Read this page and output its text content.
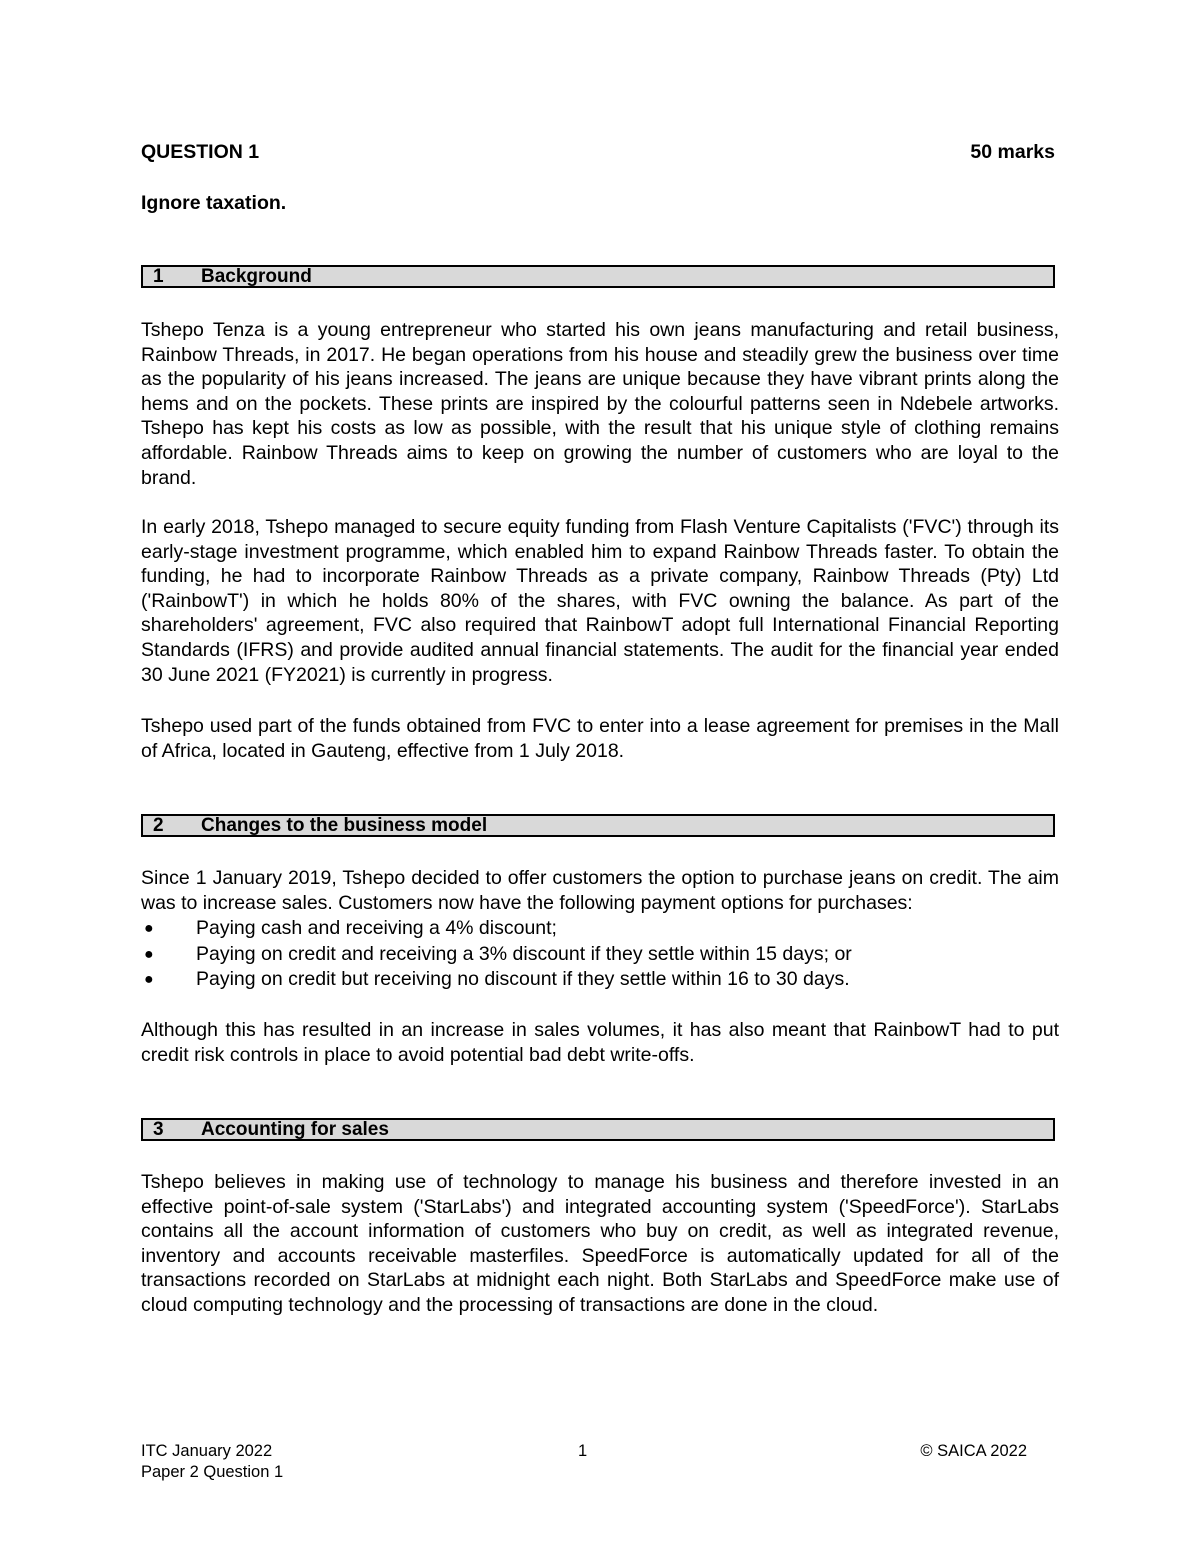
QUESTION 1	50 marks
Ignore taxation.
1	Background
Tshepo Tenza is a young entrepreneur who started his own jeans manufacturing and retail business, Rainbow Threads, in 2017. He began operations from his house and steadily grew the business over time as the popularity of his jeans increased. The jeans are unique because they have vibrant prints along the hems and on the pockets. These prints are inspired by the colourful patterns seen in Ndebele artworks. Tshepo has kept his costs as low as possible, with the result that his unique style of clothing remains affordable. Rainbow Threads aims to keep on growing the number of customers who are loyal to the brand.
In early 2018, Tshepo managed to secure equity funding from Flash Venture Capitalists ('FVC') through its early-stage investment programme, which enabled him to expand Rainbow Threads faster. To obtain the funding, he had to incorporate Rainbow Threads as a private company, Rainbow Threads (Pty) Ltd ('RainbowT') in which he holds 80% of the shares, with FVC owning the balance. As part of the shareholders' agreement, FVC also required that RainbowT adopt full International Financial Reporting Standards (IFRS) and provide audited annual financial statements. The audit for the financial year ended 30 June 2021 (FY2021) is currently in progress.
Tshepo used part of the funds obtained from FVC to enter into a lease agreement for premises in the Mall of Africa, located in Gauteng, effective from 1 July 2018.
2	Changes to the business model
Since 1 January 2019, Tshepo decided to offer customers the option to purchase jeans on credit. The aim was to increase sales. Customers now have the following payment options for purchases:
● Paying cash and receiving a 4% discount;
● Paying on credit and receiving a 3% discount if they settle within 15 days; or
● Paying on credit but receiving no discount if they settle within 16 to 30 days.
Although this has resulted in an increase in sales volumes, it has also meant that RainbowT had to put credit risk controls in place to avoid potential bad debt write-offs.
3	Accounting for sales
Tshepo believes in making use of technology to manage his business and therefore invested in an effective point-of-sale system ('StarLabs') and integrated accounting system ('SpeedForce'). StarLabs contains all the account information of customers who buy on credit, as well as integrated revenue, inventory and accounts receivable masterfiles. SpeedForce is automatically updated for all of the transactions recorded on StarLabs at midnight each night. Both StarLabs and SpeedForce make use of cloud computing technology and the processing of transactions are done in the cloud.
ITC January 2022	© SAICA 2022
Paper 2 Question 1
1
